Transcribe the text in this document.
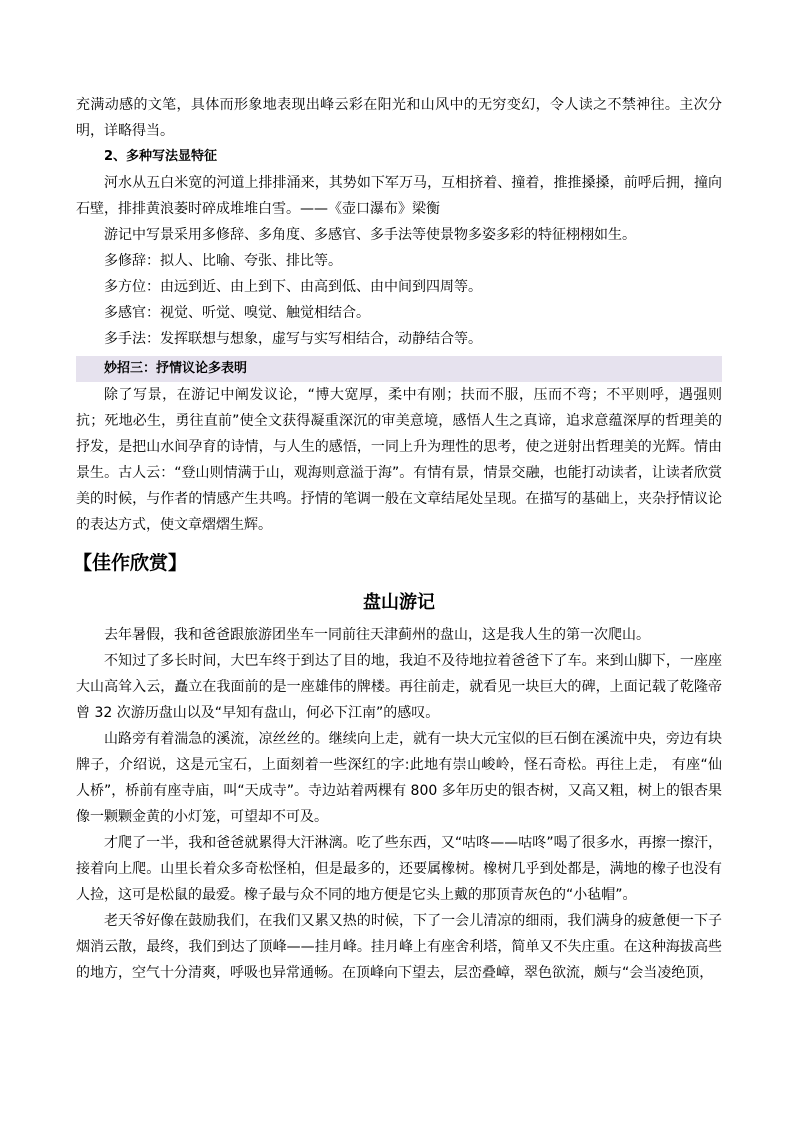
充满动感的文笔，具体而形象地表现出峰云彩在阳光和山风中的无穷变幻，令人读之不禁神往。主次分明，详略得当。

2、多种写法显特征

河水从五白米宽的河道上排排涌来，其势如下军万马，互相挤着、撞着，推推搡搡，前呼后拥，撞向石壁，排排黄浪萎时碎成堆堆白雪。——《壶口瀑布》梁衡

游记中写景采用多修辞、多角度、多感官、多手法等使景物多姿多彩的特征栩栩如生。

多修辞：拟人、比喻、夸张、排比等。

多方位：由远到近、由上到下、由高到低、由中间到四周等。

多感官：视觉、听觉、嗅觉、触觉相结合。

多手法：发挥联想与想象，虚写与实写相结合，动静结合等。

妙招三：抒情议论多表明

除了写景，在游记中阐发议论，“博大宽厚，柔中有刚；扶而不服，压而不弯；不平则呼，遇强则抗；死地必生，勇往直前”使全文获得凝重深沉的审美意境，感悟人生之真谛，追求意蕴深厚的哲理美的抒发，是把山水间孕育的诗情，与人生的感悟，一同上升为理性的思考，使之迸射出哲理美的光辉。情由景生。古人云：“登山则情满于山，观海则意溢于海”。有情有景，情景交融，也能打动读者，让读者欣赏美的时候，与作者的情感产生共鸣。抒情的笔调一般在文章结尾处呈现。在描写的基础上，夹杂抒情议论的表达方式，使文章熠熠生辉。

【佳作欣赏】

盘山游记

去年暑假，我和爸爸跟旅游团坐车一同前往天津蓟州的盘山，这是我人生的第一次爬山。

不知过了多长时间，大巴车终于到达了目的地，我迫不及待地拉着爸爸下了车。来到山脚下，一座座大山高耸入云，矗立在我面前的是一座雄伟的牌楼。再往前走，就看见一块巨大的碑，上面记载了乾隆帝曾 32 次游历盘山以及“早知有盘山，何必下江南”的感叹。

山路旁有着湍急的溪流，凉丝丝的。继续向上走，就有一块大元宝似的巨石倒在溪流中央，旁边有块牌子，介绍说，这是元宝石，上面刻着一些深红的字:此地有崇山峻岭，怪石奇松。再往上走， 有座“仙人桥”，桥前有座寺庙，叫“天成寺”。寺边站着两棵有 800 多年历史的银杏树，又高又粗，树上的银杏果像一颗颗金黄的小灯笼，可望却不可及。

才爬了一半，我和爸爸就累得大汗淋漓。吃了些东西，又“咕咚——咕咚”喝了很多水，再擦一擦汗，接着向上爬。山里长着众多奇松怪柏，但是最多的，还要属橡树。橡树几乎到处都是，满地的橡子也没有人捡，这可是松鼠的最爱。橡子最与众不同的地方便是它头上戴的那顶青灰色的“小毡帽”。

老天爷好像在鼓励我们，在我们又累又热的时候，下了一会儿清凉的细雨，我们满身的疲惫便一下子烟消云散，最终，我们到达了顶峰——挂月峰。挂月峰上有座舍利塔，简单又不失庄重。在这种海拔高些的地方，空气十分清爽，呼吸也异常通畅。在顶峰向下望去，层峦叠嶂，翠色欲流，颇与“会当凌绝顶，
